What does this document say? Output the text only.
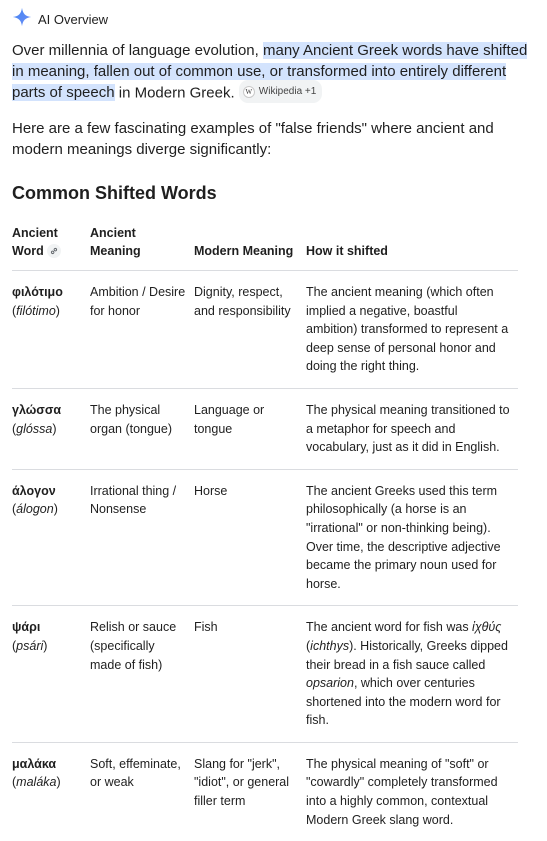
AI Overview

Over millennia of language evolution, many Ancient Greek words have shifted in meaning, fallen out of common use, or transformed into entirely different parts of speech in Modern Greek.	W Wikipedia +1

Here are a few fascinating examples of "false friends" where ancient and modern meanings diverge significantly:

Common Shifted Words
Ancient
Word	Ancient Meaning	Modern Meaning	How it shifted

φιλότιμο
(filótimo)	Ambition / Desire for honor	Dignity, respect, and responsibility	The ancient meaning (which often implied a negative, boastful ambition) transformed to represent a deep sense of personal honor and doing the right thing.

γλώσσα
(glóssa)	The physical organ (tongue)	Language or tongue	The physical meaning transitioned to a metaphor for speech and vocabulary, just as it did in English.

άλογον
(álogon)	Irrational thing / Nonsense	Horse	The ancient Greeks used this term philosophically (a horse is an "irrational" or non-thinking being). Over time, the descriptive adjective became the primary noun used for horse.

ψάρι
(psári)	Relish or sauce (specifically made of fish)	Fish	The ancient word for fish was ἰχθύς (ichthys). Historically, Greeks dipped their bread in a fish sauce called opsarion, which over centuries shortened into the modern word for fish.

μαλάκα
(maláka)	Soft, effeminate, or weak	Slang for "jerk", "idiot", or general filler term	The physical meaning of "soft" or "cowardly" completely transformed into a highly common, contextual Modern Greek slang word.
